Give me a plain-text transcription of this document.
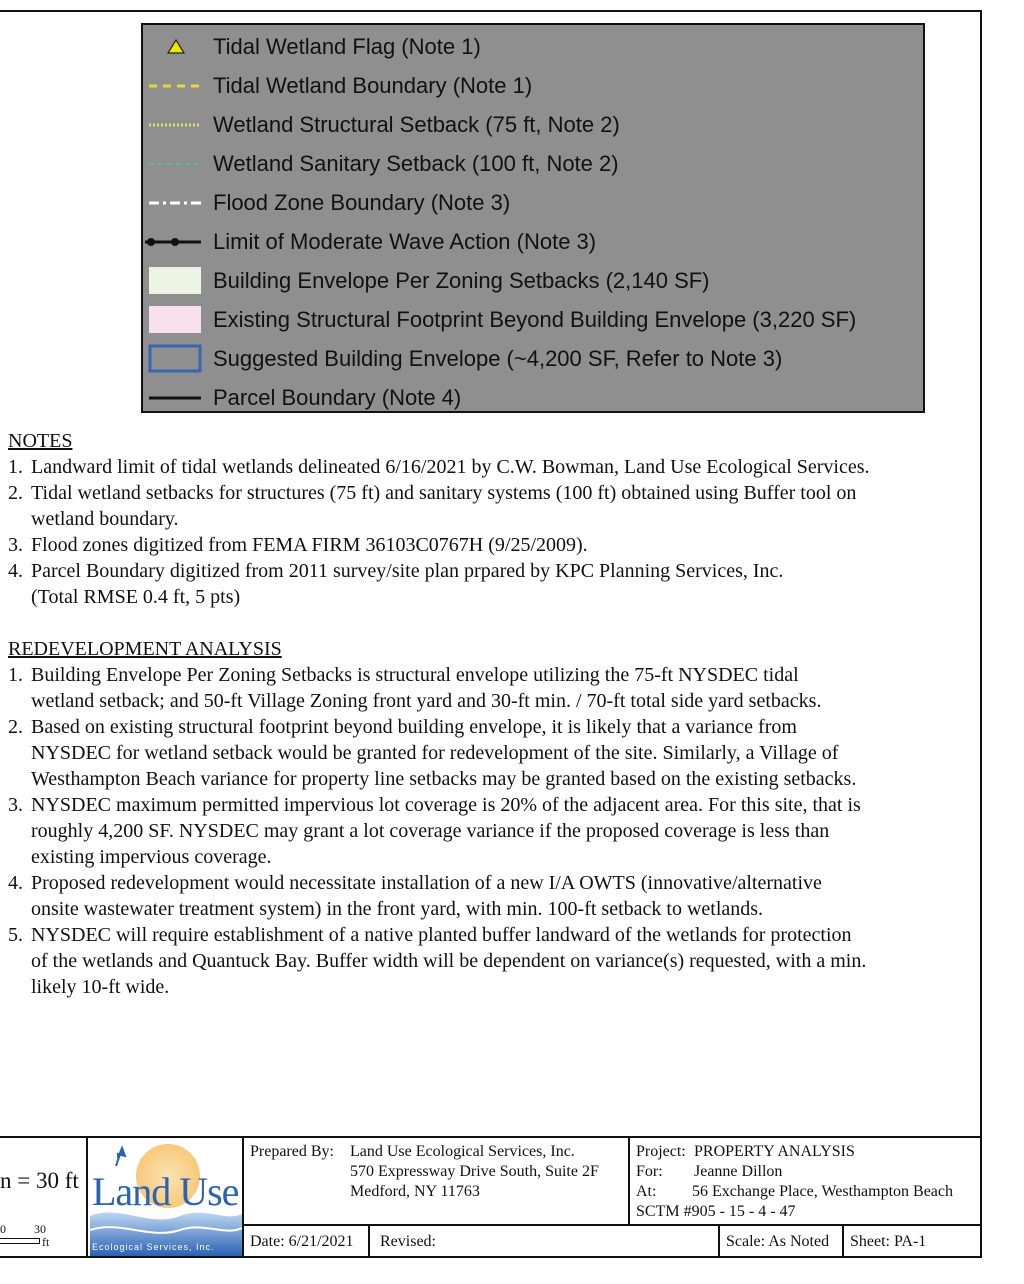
Tidal Wetland Flag (Note 1)
Tidal Wetland Boundary (Note 1)
Wetland Structural Setback (75 ft, Note 2)
Wetland Sanitary Setback (100 ft, Note 2)
Flood Zone Boundary (Note 3)
Limit of Moderate Wave Action (Note 3)
Building Envelope Per Zoning Setbacks (2,140 SF)
Existing Structural Footprint Beyond Building Envelope (3,220 SF)
Suggested Building Envelope (~4,200 SF, Refer to Note 3)
Parcel Boundary (Note 4)
NOTES
1. Landward limit of tidal wetlands delineated 6/16/2021 by C.W. Bowman, Land Use Ecological Services.
2. Tidal wetland setbacks for structures (75 ft) and sanitary systems (100 ft) obtained using Buffer tool on
wetland boundary.
3. Flood zones digitized from FEMA FIRM 36103C0767H (9/25/2009).
4. Parcel Boundary digitized from 2011 survey/site plan prpared by KPC Planning Services, Inc.
(Total RMSE 0.4 ft, 5 pts)
REDEVELOPMENT ANALYSIS
1. Building Envelope Per Zoning Setbacks is structural envelope utilizing the 75-ft NYSDEC tidal
wetland setback; and 50-ft Village Zoning front yard and 30-ft min. / 70-ft total side yard setbacks.
2. Based on existing structural footprint beyond building envelope, it is likely that a variance from
NYSDEC for wetland setback would be granted for redevelopment of the site. Similarly, a Village of
Westhampton Beach variance for property line setbacks may be granted based on the existing setbacks.
3. NYSDEC maximum permitted impervious lot coverage is 20% of the adjacent area. For this site, that is
roughly 4,200 SF. NYSDEC may grant a lot coverage variance if the proposed coverage is less than
existing impervious coverage.
4. Proposed redevelopment would necessitate installation of a new I/A OWTS (innovative/alternative
onsite wastewater treatment system) in the front yard, with min. 100-ft setback to wetlands.
5. NYSDEC will require establishment of a native planted buffer landward of the wetlands for protection
of the wetlands and Quantuck Bay. Buffer width will be dependent on variance(s) requested, with a min.
likely 10-ft wide.
n = 30 ft
0 30
ft
Land Use
Ecological Services, Inc.
Prepared By: Land Use Ecological Services, Inc.
570 Expressway Drive South, Suite 2F
Medford, NY 11763
Project: PROPERTY ANALYSIS
For: Jeanne Dillon
At: 56 Exchange Place, Westhampton Beach
SCTM #905 - 15 - 4 - 47
Date: 6/21/2021 Revised:	Scale: As Noted Sheet: PA-1
